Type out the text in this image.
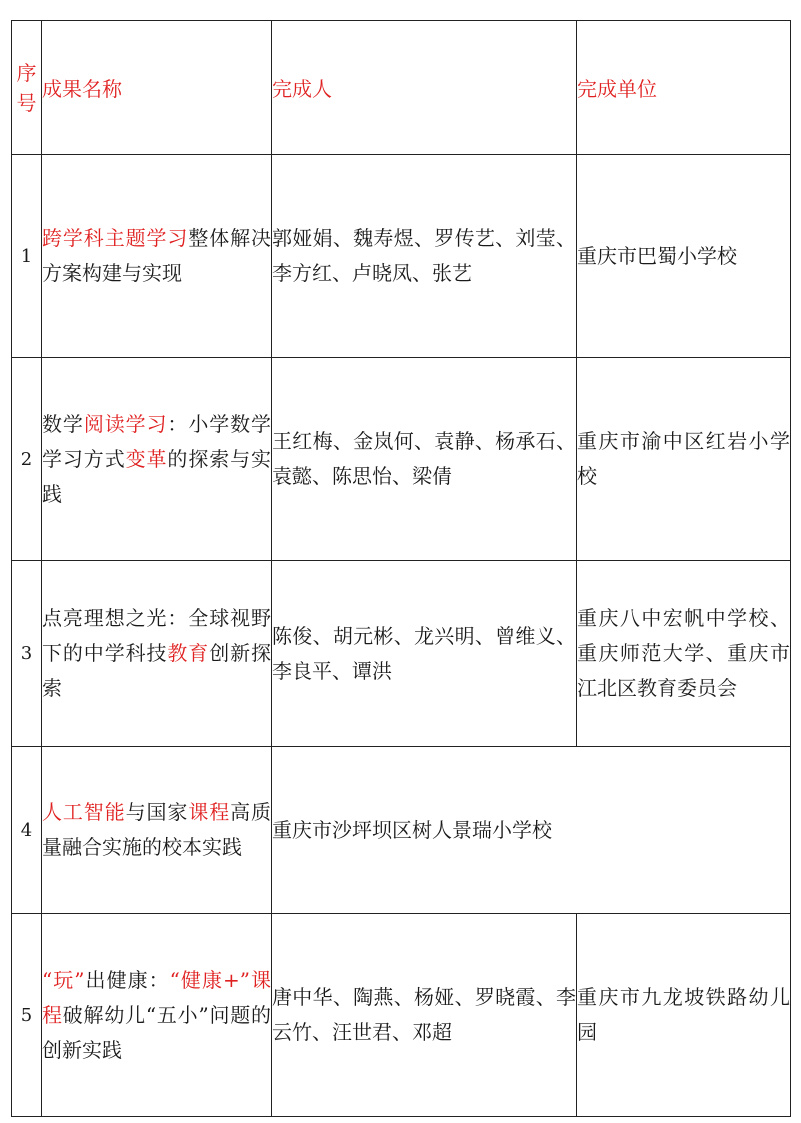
序号	成果名称	完成人	完成单位
1	跨学科主题学习整体解决方案构建与实现	郭娅娟、魏寿煜、罗传艺、刘莹、李方红、卢晓凤、张艺	重庆市巴蜀小学校
2	数学阅读学习：小学数学学习方式变革的探索与实践	王红梅、金岚何、袁静、杨承石、袁懿、陈思怡、梁倩	重庆市渝中区红岩小学校
3	点亮理想之光：全球视野下的中学科技教育创新探索	陈俊、胡元彬、龙兴明、曾维义、李良平、谭洪	重庆八中宏帆中学校、重庆师范大学、重庆市江北区教育委员会
4	人工智能与国家课程高质量融合实施的校本实践	重庆市沙坪坝区树人景瑞小学校	
5	“玩”出健康：“健康+”课程破解幼儿“五小”问题的创新实践	唐中华、陶燕、杨娅、罗晓霞、李云竹、汪世君、邓超	重庆市九龙坡铁路幼儿园
